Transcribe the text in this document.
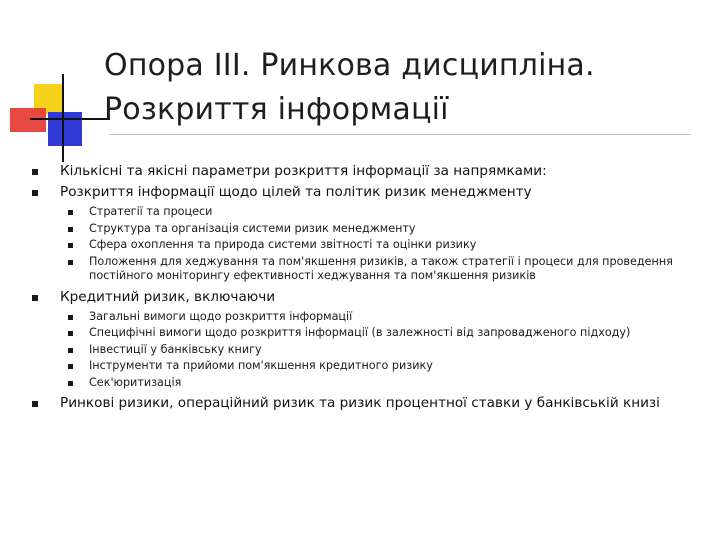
Опора ІІІ. Ринкова дисципліна.
Розкриття інформації
Кількісні та якісні параметри розкриття інформації за напрямками:
Розкриття інформації щодо цілей та політик ризик менеджменту
Стратегії та процеси
Структура та організація системи ризик менеджменту
Сфера охоплення та природа системи звітності та оцінки ризику
Положення для хеджування та пом'якшення ризиків, а також стратегії і процеси для проведення постійного моніторингу ефективності хеджування та пом'якшення ризиків
Кредитний ризик, включаючи
Загальні вимоги щодо розкриття інформації
Специфічні вимоги щодо розкриття інформації (в залежності від запровадженого підходу)
Інвестиції у банківську книгу
Інструменти та прийоми пом'якшення кредитного ризику
Сек'юритизація
Ринкові ризики, операційний ризик та ризик процентної ставки у банківській книзі
